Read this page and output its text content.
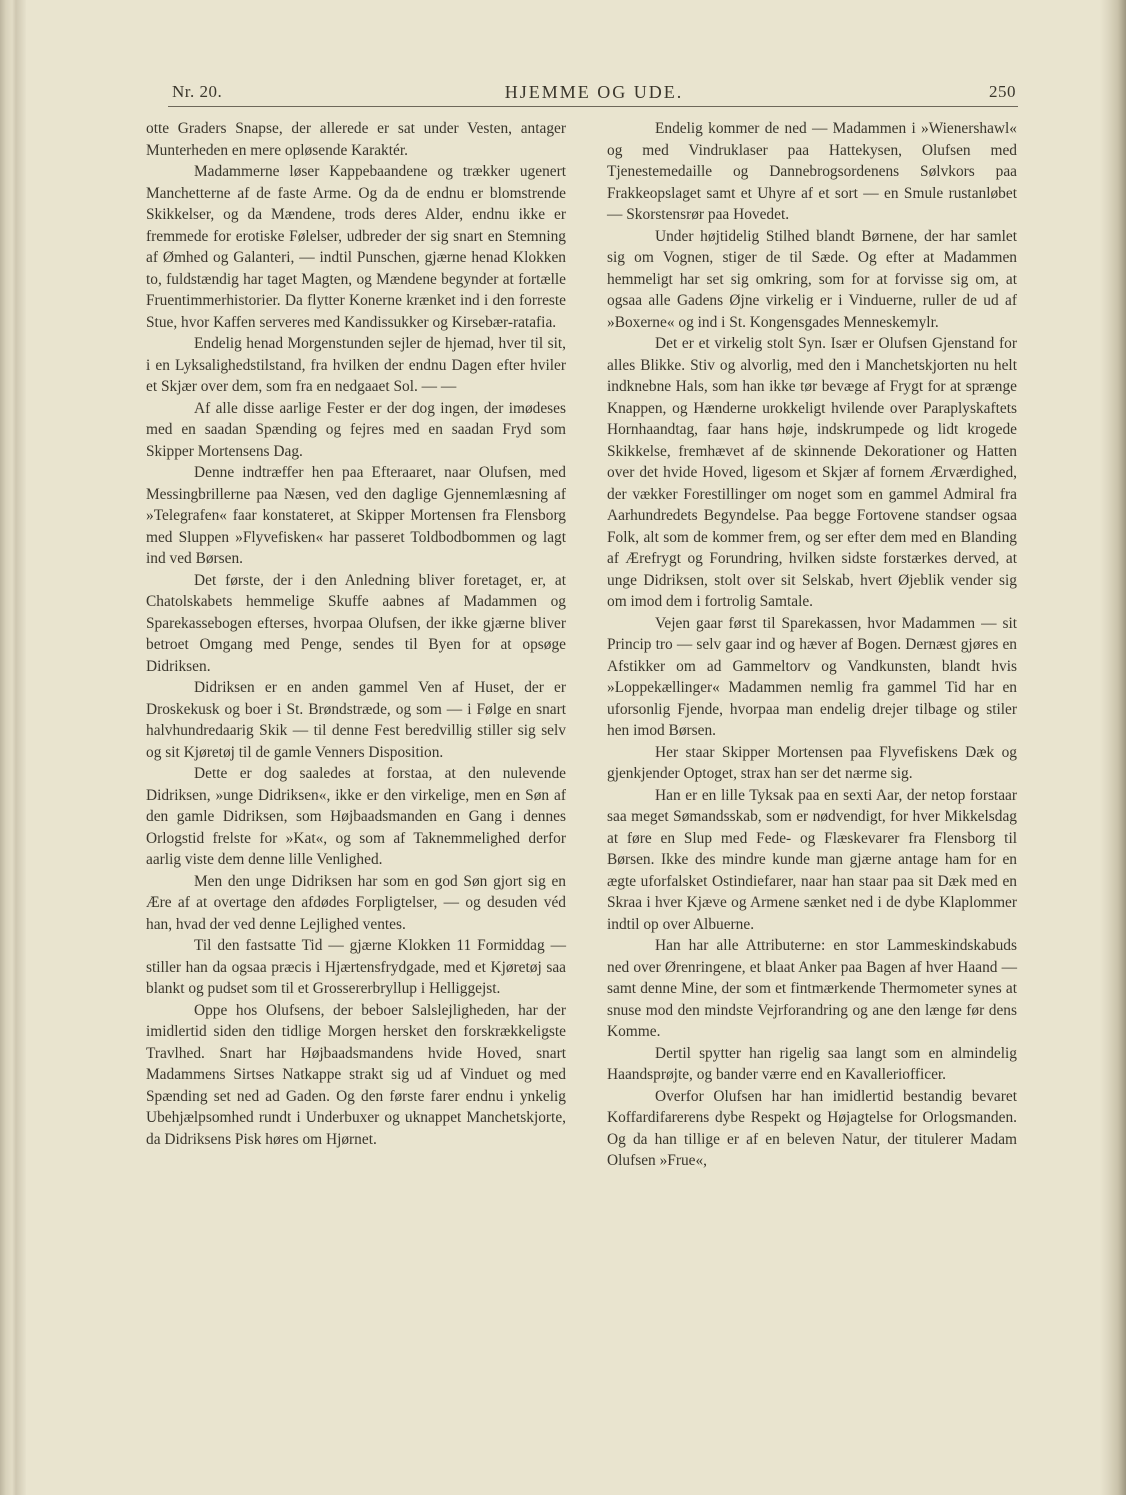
Nr. 20.	HJEMME OG UDE.	250

otte Graders Snapse, der allerede er sat under Vesten, antager Munterheden en mere opløsende Karaktér.

Madammerne løser Kappebaandene og trækker ugenert Manchetterne af de faste Arme. Og da de endnu er blomstrende Skikkelser, og da Mændene, trods deres Alder, endnu ikke er fremmede for erotiske Følelser, udbreder der sig snart en Stemning af Ømhed og Galanteri, — indtil Punschen, gjærne henad Klokken to, fuldstændig har taget Magten, og Mændene begynder at fortælle Fruentimmerhistorier. Da flytter Konerne krænket ind i den forreste Stue, hvor Kaffen serveres med Kandissukker og Kirsebær-ratafia.

Endelig henad Morgenstunden sejler de hjemad, hver til sit, i en Lyksalighedstilstand, fra hvilken der endnu Dagen efter hviler et Skjær over dem, som fra en nedgaaet Sol. — —

Af alle disse aarlige Fester er der dog ingen, der imødeses med en saadan Spænding og fejres med en saadan Fryd som Skipper Mortensens Dag.

Denne indtræffer hen paa Efteraaret, naar Olufsen, med Messingbrillerne paa Næsen, ved den daglige Gjennemlæsning af »Telegrafen« faar konstateret, at Skipper Mortensen fra Flensborg med Sluppen »Flyvefisken« har passeret Toldbodbommen og lagt ind ved Børsen.

Det første, der i den Anledning bliver foretaget, er, at Chatolskabets hemmelige Skuffe aabnes af Madammen og Sparekassebogen efterses, hvorpaa Olufsen, der ikke gjærne bliver betroet Omgang med Penge, sendes til Byen for at opsøge Didriksen.

Didriksen er en anden gammel Ven af Huset, der er Droskekusk og boer i St. Brøndstræde, og som — i Følge en snart halvhundredaarig Skik — til denne Fest beredvillig stiller sig selv og sit Kjøretøj til de gamle Venners Disposition.

Dette er dog saaledes at forstaa, at den nulevende Didriksen, »unge Didriksen«, ikke er den virkelige, men en Søn af den gamle Didriksen, som Højbaadsmanden en Gang i dennes Orlogstid frelste for »Kat«, og som af Taknemmelighed derfor aarlig viste dem denne lille Venlighed.

Men den unge Didriksen har som en god Søn gjort sig en Ære af at overtage den afdødes Forpligtelser, — og desuden véd han, hvad der ved denne Lejlighed ventes.

Til den fastsatte Tid — gjærne Klokken 11 Formiddag — stiller han da ogsaa præcis i Hjærtensfrydgade, med et Kjøretøj saa blankt og pudset som til et Grossererbryllup i Helliggejst.

Oppe hos Olufsens, der beboer Salslejligheden, har der imidlertid siden den tidlige Morgen hersket den forskrækkeligste Travlhed. Snart har Højbaadsmandens hvide Hoved, snart Madammens Sirtses Natkappe strakt sig ud af Vinduet og med Spænding set ned ad Gaden. Og den første farer endnu i ynkelig Ubehjælpsomhed rundt i Underbuxer og uknappet Manchetskjorte, da Didriksens Pisk høres om Hjørnet.

Endelig kommer de ned — Madammen i »Wienershawl« og med Vindruklaser paa Hattekysen, Olufsen med Tjenestemedaille og Dannebrogsordenens Sølvkors paa Frakkeopslaget samt et Uhyre af et sort — en Smule rustanløbet — Skorstensrør paa Hovedet.

Under højtidelig Stilhed blandt Børnene, der har samlet sig om Vognen, stiger de til Sæde. Og efter at Madammen hemmeligt har set sig omkring, som for at forvisse sig om, at ogsaa alle Gadens Øjne virkelig er i Vinduerne, ruller de ud af »Boxerne« og ind i St. Kongensgades Menneskemylr.

Det er et virkelig stolt Syn. Især er Olufsen Gjenstand for alles Blikke. Stiv og alvorlig, med den i Manchetskjorten nu helt indknebne Hals, som han ikke tør bevæge af Frygt for at sprænge Knappen, og Hænderne urokkeligt hvilende over Paraplyskaftets Hornhaandtag, faar hans høje, indskrumpede og lidt krogede Skikkelse, fremhævet af de skinnende Dekorationer og Hatten over det hvide Hoved, ligesom et Skjær af fornem Ærværdighed, der vækker Forestillinger om noget som en gammel Admiral fra Aarhundredets Begyndelse. Paa begge Fortovene standser ogsaa Folk, alt som de kommer frem, og ser efter dem med en Blanding af Ærefrygt og Forundring, hvilken sidste forstærkes derved, at unge Didriksen, stolt over sit Selskab, hvert Øjeblik vender sig om imod dem i fortrolig Samtale.

Vejen gaar først til Sparekassen, hvor Madammen — sit Princip tro — selv gaar ind og hæver af Bogen. Dernæst gjøres en Afstikker om ad Gammeltorv og Vandkunsten, blandt hvis »Loppekællinger« Madammen nemlig fra gammel Tid har en uforsonlig Fjende, hvorpaa man endelig drejer tilbage og stiler hen imod Børsen.

Her staar Skipper Mortensen paa Flyvefiskens Dæk og gjenkjender Optoget, strax han ser det nærme sig.

Han er en lille Tyksak paa en sexti Aar, der netop forstaar saa meget Sømandsskab, som er nødvendigt, for hver Mikkelsdag at føre en Slup med Fede- og Flæskevarer fra Flensborg til Børsen. Ikke des mindre kunde man gjærne antage ham for en ægte uforfalsket Ostindiefarer, naar han staar paa sit Dæk med en Skraa i hver Kjæve og Armene sænket ned i de dybe Klaplommer indtil op over Albuerne.

Han har alle Attributerne: en stor Lammeskindskabuds ned over Ørenringene, et blaat Anker paa Bagen af hver Haand — samt denne Mine, der som et fintmærkende Thermometer synes at snuse mod den mindste Vejrforandring og ane den længe før dens Komme.

Dertil spytter han rigelig saa langt som en almindelig Haandsprøjte, og bander værre end en Kavalleriofficer.

Overfor Olufsen har han imidlertid bestandig bevaret Koffardifarerens dybe Respekt og Højagtelse for Orlogsmanden. Og da han tillige er af en beleven Natur, der titulerer Madam Olufsen »Frue«,
